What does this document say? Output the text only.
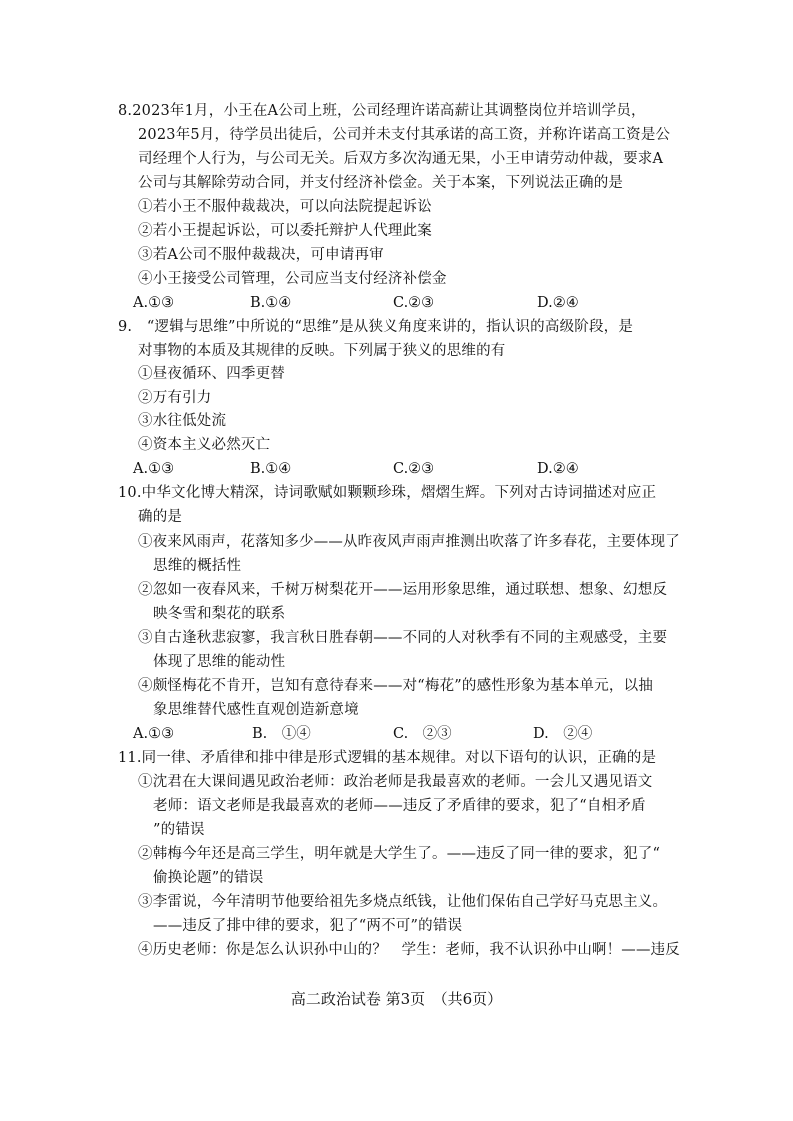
8.2023年1月，小王在A公司上班，公司经理许诺高薪让其调整岗位并培训学员，
2023年5月，待学员出徒后，公司并未支付其承诺的高工资，并称许诺高工资是公
司经理个人行为，与公司无关。后双方多次沟通无果，小王申请劳动仲裁，要求A
公司与其解除劳动合同，并支付经济补偿金。关于本案，下列说法正确的是
①若小王不服仲裁裁决，可以向法院提起诉讼
②若小王提起诉讼，可以委托辩护人代理此案
③若A公司不服仲裁裁决，可申请再审
④小王接受公司管理，公司应当支付经济补偿金
A.①③	B.①④	C.②③	D.②④
9.　“逻辑与思维”中所说的“思维”是从狭义角度来讲的，指认识的高级阶段，是
对事物的本质及其规律的反映。下列属于狭义的思维的有
①昼夜循环、四季更替
②万有引力
③水往低处流
④资本主义必然灭亡
A.①③	B.①④	C.②③	D.②④
10.中华文化博大精深，诗词歌赋如颗颗珍珠，熠熠生辉。下列对古诗词描述对应正
确的是
①夜来风雨声，花落知多少——从昨夜风声雨声推测出吹落了许多春花，主要体现了
思维的概括性
②忽如一夜春风来，千树万树梨花开——运用形象思维，通过联想、想象、幻想反
映冬雪和梨花的联系
③自古逢秋悲寂寥，我言秋日胜春朝——不同的人对秋季有不同的主观感受，主要
体现了思维的能动性
④颇怪梅花不肯开，岂知有意待春来——对“梅花”的感性形象为基本单元，以抽
象思维替代感性直观创造新意境
A.①③	B.　①④	C.　②③	D.　②④
11.同一律、矛盾律和排中律是形式逻辑的基本规律。对以下语句的认识，正确的是
①沈君在大课间遇见政治老师：政治老师是我最喜欢的老师。一会儿又遇见语文
老师：语文老师是我最喜欢的老师——违反了矛盾律的要求，犯了“自相矛盾
”的错误
②韩梅今年还是高三学生，明年就是大学生了。——违反了同一律的要求，犯了“
偷换论题”的错误
③李雷说，今年清明节他要给祖先多烧点纸钱，让他们保佑自己学好马克思主义。
——违反了排中律的要求，犯了“两不可”的错误
④历史老师：你是怎么认识孙中山的？　学生：老师，我不认识孙中山啊！——违反
高二政治试卷 第3页　（共6页）
